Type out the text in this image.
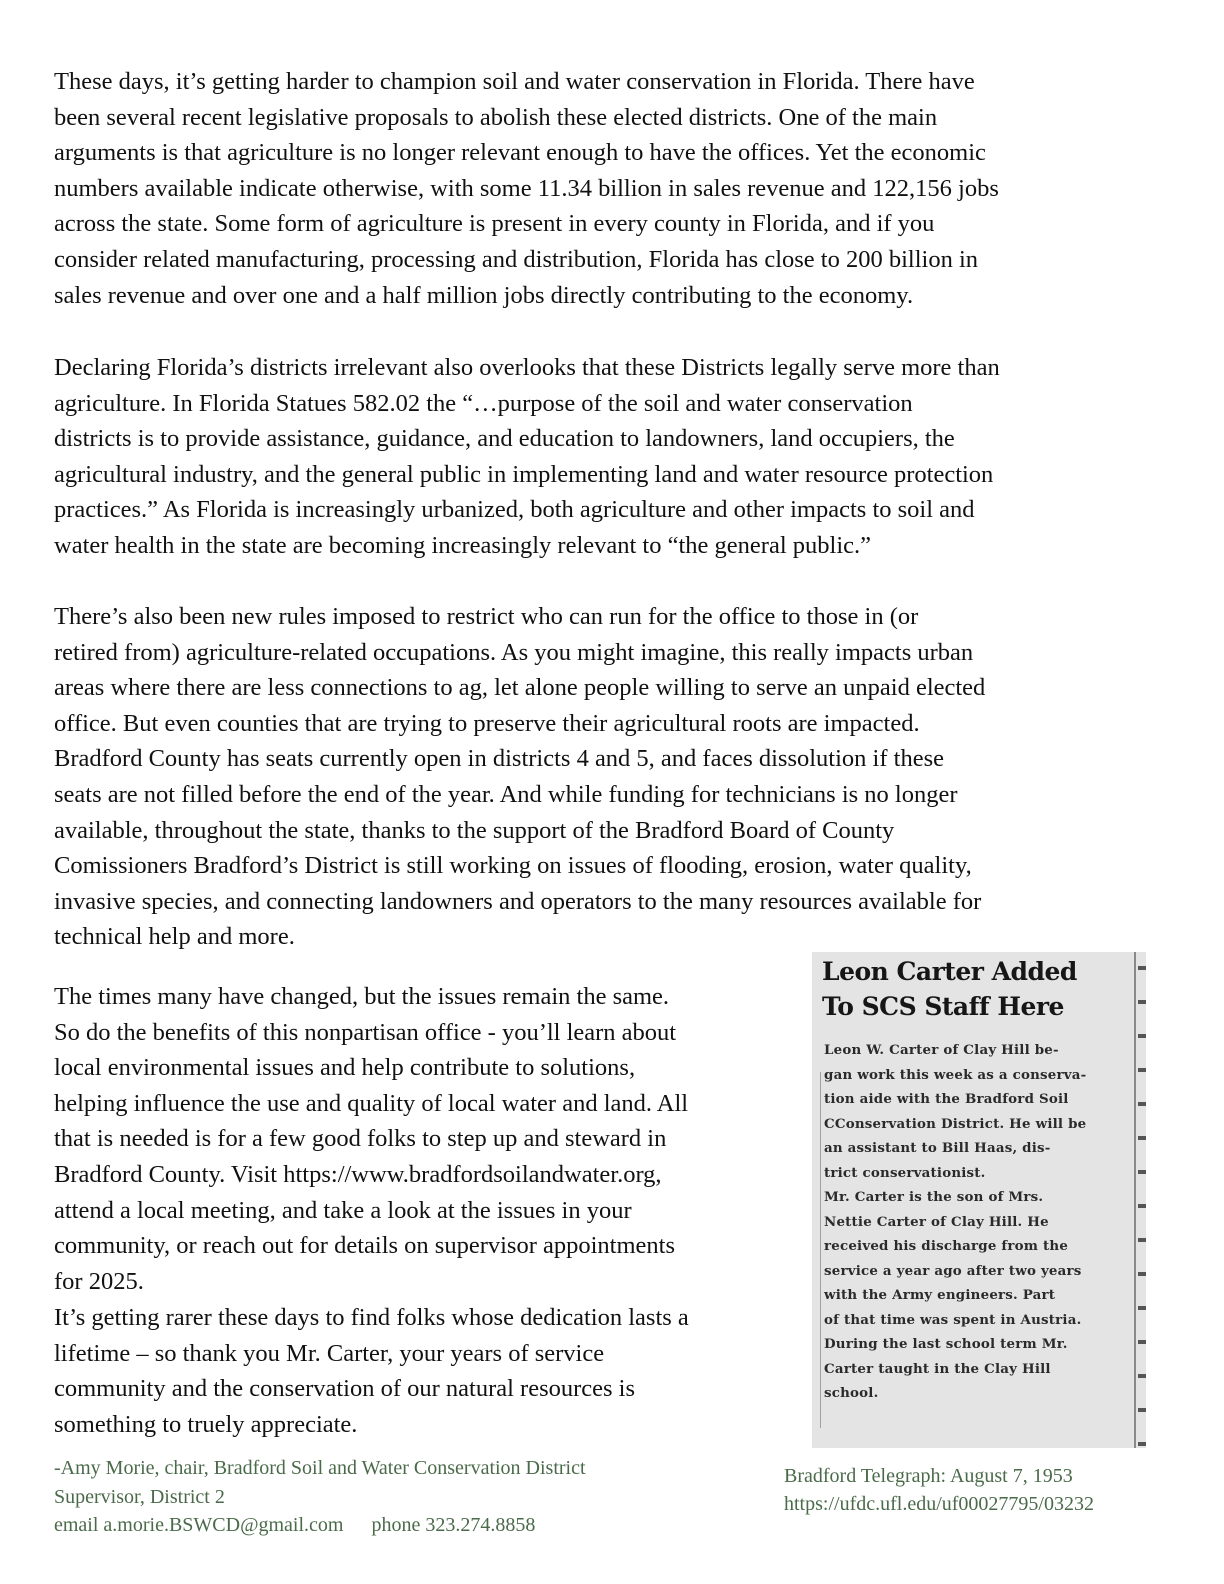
These days, it’s getting harder to champion soil and water conservation in Florida. There have
been several recent legislative proposals to abolish these elected districts. One of the main
arguments is that agriculture is no longer relevant enough to have the offices. Yet the economic
numbers available indicate otherwise, with some 11.34 billion in sales revenue and 122,156 jobs
across the state. Some form of agriculture is present in every county in Florida, and if you
consider related manufacturing, processing and distribution, Florida has close to 200 billion in
sales revenue and over one and a half million jobs directly contributing to the economy.

Declaring Florida’s districts irrelevant also overlooks that these Districts legally serve more than
agriculture. In Florida Statues 582.02 the “…purpose of the soil and water conservation
districts is to provide assistance, guidance, and education to landowners, land occupiers, the
agricultural industry, and the general public in implementing land and water resource protection
practices.” As Florida is increasingly urbanized, both agriculture and other impacts to soil and
water health in the state are becoming increasingly relevant to “the general public.”

There’s also been new rules imposed to restrict who can run for the office to those in (or
retired from) agriculture-related occupations. As you might imagine, this really impacts urban
areas where there are less connections to ag, let alone people willing to serve an unpaid elected
office. But even counties that are trying to preserve their agricultural roots are impacted.
Bradford County has seats currently open in districts 4 and 5, and faces dissolution if these
seats are not filled before the end of the year. And while funding for technicians is no longer
available, throughout the state, thanks to the support of the Bradford Board of County
Comissioners Bradford’s District is still working on issues of flooding, erosion, water quality,
invasive species, and connecting landowners and operators to the many resources available for
technical help and more.

The times many have changed, but the issues remain the same.
So do the benefits of this nonpartisan office - you’ll learn about
local environmental issues and help contribute to solutions,
helping influence the use and quality of local water and land. All
that is needed is for a few good folks to step up and steward in
Bradford County. Visit https://www.bradfordsoilandwater.org,
attend a local meeting, and take a look at the issues in your
community, or reach out for details on supervisor appointments
for 2025.

It’s getting rarer these days to find folks whose dedication lasts a
lifetime – so thank you Mr. Carter, your years of service
community and the conservation of our natural resources is
something to truely appreciate.

-Amy Morie, chair, Bradford Soil and Water Conservation District
Supervisor, District 2
email a.morie.BSWCD@gmail.com phone 323.274.8858
Leon Carter Added
To SCS Staff Here
Leon W. Carter of Clay Hill be-
gan work this week as a conserva-
tion aide with the Bradford Soil
CConservation District. He will be
an assistant to Bill Haas, dis-
trict conservationist.
Mr. Carter is the son of Mrs.
Nettie Carter of Clay Hill. He
received his discharge from the
service a year ago after two years
with the Army engineers. Part
of that time was spent in Austria.
During the last school term Mr.
Carter taught in the Clay Hill
school.
Bradford Telegraph: August 7, 1953
https://ufdc.ufl.edu/uf00027795/03232
